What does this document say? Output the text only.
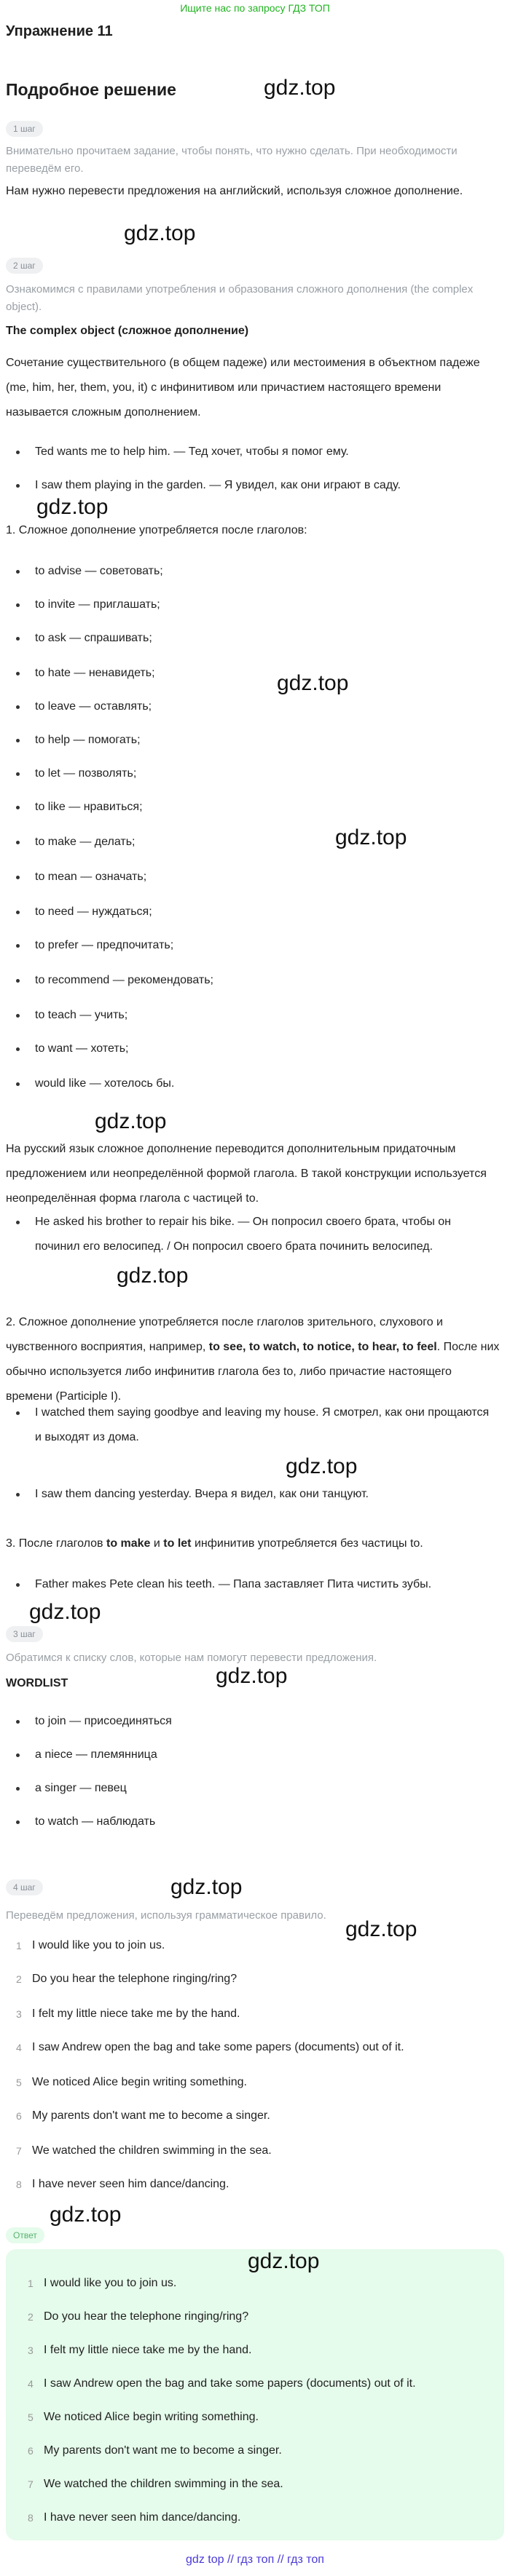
Ищите нас по запросу ГДЗ ТОП
Упражнение 11
Подробное решение	gdz.top
1 шаг
Внимательно прочитаем задание, чтобы понять, что нужно сделать. При необходимости переведём его.
Нам нужно перевести предложения на английский, используя сложное дополнение.
gdz.top
2 шаг
Ознакомимся с правилами употребления и образования сложного дополнения (the complex object).
The complex object (сложное дополнение)
Сочетание существительного (в общем падеже) или местоимения в объектном падеже (me, him, her, them, you, it) с инфинитивом или причастием настоящего времени называется сложным дополнением.
Ted wants me to help him. — Тед хочет, чтобы я помог ему.
I saw them playing in the garden. — Я увидел, как они играют в саду.
gdz.top
1. Сложное дополнение употребляется после глаголов:
to advise — советовать;
to invite — приглашать;
to ask — спрашивать;
gdz.top
to hate — ненавидеть;
to leave — оставлять;
to help — помогать;
to let — позволять;
to like — нравиться;
to make — делать;	gdz.top
to mean — означать;
to need — нуждаться;
to prefer — предпочитать;
to recommend — рекомендовать;
to teach — учить;
to want — хотеть;
would like — хотелось бы.
gdz.top
На русский язык сложное дополнение переводится дополнительным придаточным предложением или неопределённой формой глагола. В такой конструкции используется неопределённая форма глагола с частицей to.
He asked his brother to repair his bike. — Он попросил своего брата, чтобы он починил его велосипед. / Он попросил своего брата починить велосипед.
gdz.top
2. Сложное дополнение употребляется после глаголов зрительного, слухового и чувственного восприятия, например, to see, to watch, to notice, to hear, to feel. После них обычно используется либо инфинитив глагола без to, либо причастие настоящего времени (Participle I).
I watched them saying goodbye and leaving my house. Я смотрел, как они прощаются и выходят из дома.
gdz.top
I saw them dancing yesterday. Вчера я видел, как они танцуют.
3. После глаголов to make и to let инфинитив употребляется без частицы to.
Father makes Pete clean his teeth. — Папа заставляет Пита чистить зубы.
gdz.top
3 шаг
Обратимся к списку слов, которые нам помогут перевести предложения.
WORDLIST	gdz.top
to join — присоединяться
a niece — племянница
a singer — певец
to watch — наблюдать
gdz.top
4 шаг
Переведём предложения, используя грамматическое правило.
gdz.top
1 I would like you to join us.
2 Do you hear the telephone ringing/ring?
3 I felt my little niece take me by the hand.
4 I saw Andrew open the bag and take some papers (documents) out of it.
5 We noticed Alice begin writing something.
6 My parents don't want me to become a singer.
7 We watched the children swimming in the sea.
8 I have never seen him dance/dancing.
gdz.top
Ответ
gdz.top
1 I would like you to join us.
2 Do you hear the telephone ringing/ring?
3 I felt my little niece take me by the hand.
4 I saw Andrew open the bag and take some papers (documents) out of it.
5 We noticed Alice begin writing something.
6 My parents don't want me to become a singer.
7 We watched the children swimming in the sea.
8 I have never seen him dance/dancing.
gdz top // гдз топ // гдз топ
